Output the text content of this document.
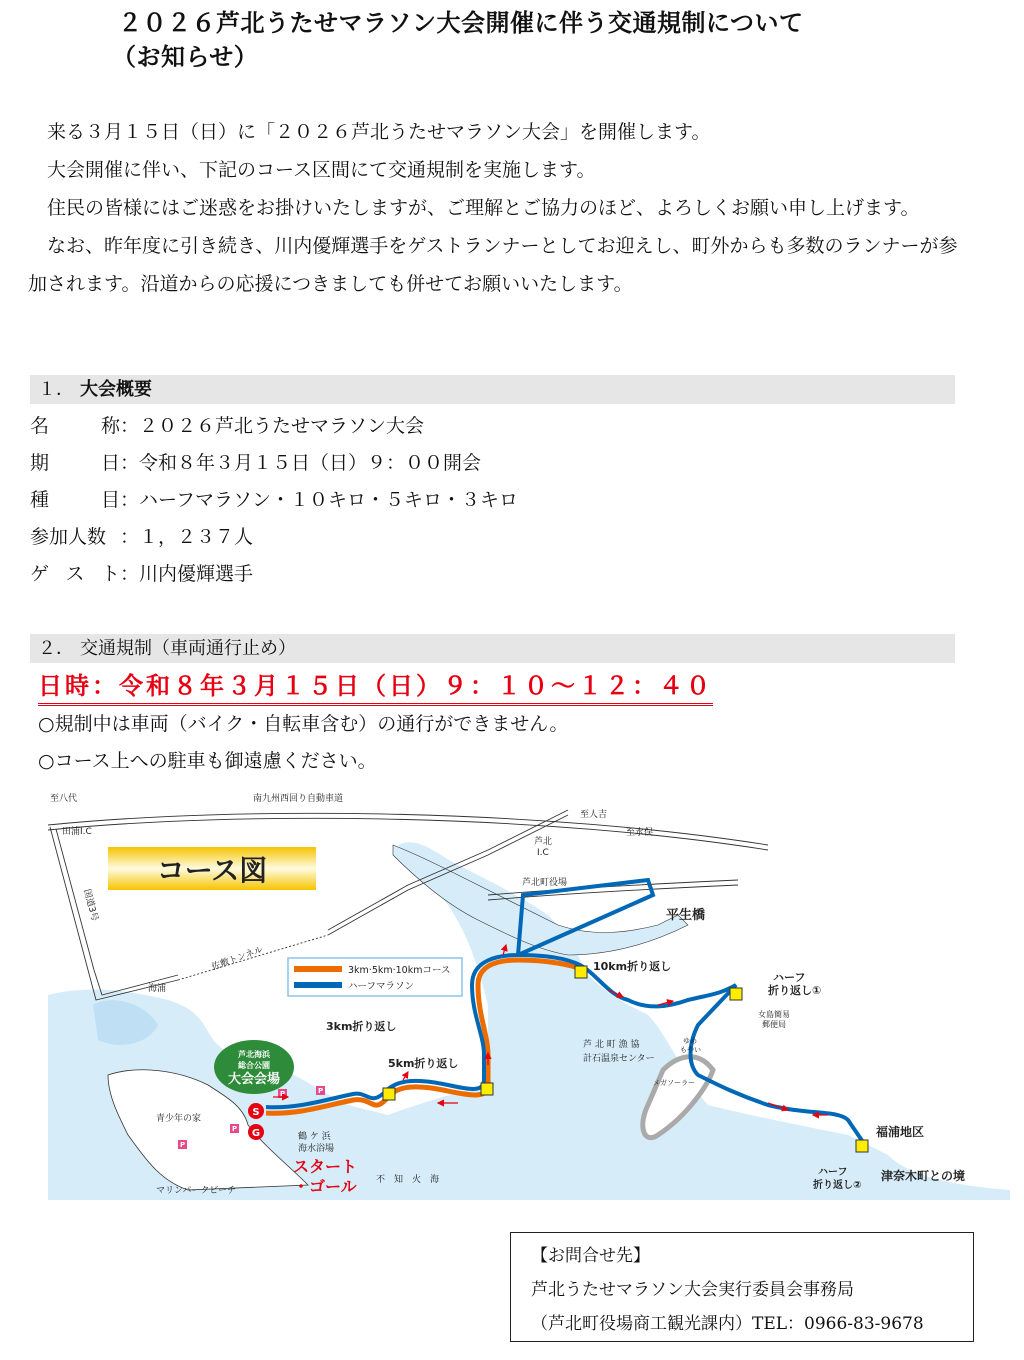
２０２６芦北うたせマラソン大会開催に伴う交通規制について
（お知らせ）

来る３月１５日（日）に「２０２６芦北うたせマラソン大会」を開催します。

大会開催に伴い、下記のコース区間にて交通規制を実施します。

住民の皆様にはご迷惑をお掛けいたしますが、ご理解とご協力のほど、よろしくお願い申し上げます。

なお、昨年度に引き続き、川内優輝選手をゲストランナーとしてお迎えし、町外からも多数のランナーが参加されます。沿道からの応援につきましても併せてお願いいたします。

１． 大会概要
名	称 ：２０２６芦北うたせマラソン大会
期	日 ：令和８年３月１５日（日）９：００開会
種	目 ：ハーフマラソン・１０キロ・５キロ・３キロ
参加人数 ：１，２３７人
ゲ ス ト ：川内優輝選手
２． 交通規制（車両通行止め）
日時：令和８年３月１５日（日）９：１０～１２：４０
○規制中は車両（バイク・自転車含む）の通行ができません。
○コース上への駐車も御遠慮ください。
コース図
3km·5km·10kmコース
ハーフマラソン
芦北海浜
総合公園
大会会場
S
G
P	P
P
P
至八代	南九州西回り自動車道
至人吉
至水俣
田浦I.C
芦北
I.C
国道3号
芦北町役場
佐敷トンネル
海浦
芦 北 町 漁 協
計石温泉センター
ゆめ
もやい
メガソーラー
女島簡易
郵便局
青少年の家
鶴 ケ 浜
海水浴場
不　知　火　海
マリンパークビーチ
平生橋
10km折り返し
ハーフ
折り返し①
3km折り返し
5km折り返し
福浦地区
津奈木町との境
ハーフ
折り返し②
スタート
・ゴール
【お問合せ先】
芦北うたせマラソン大会実行委員会事務局
（芦北町役場商工観光課内）TEL：0966-83-9678
